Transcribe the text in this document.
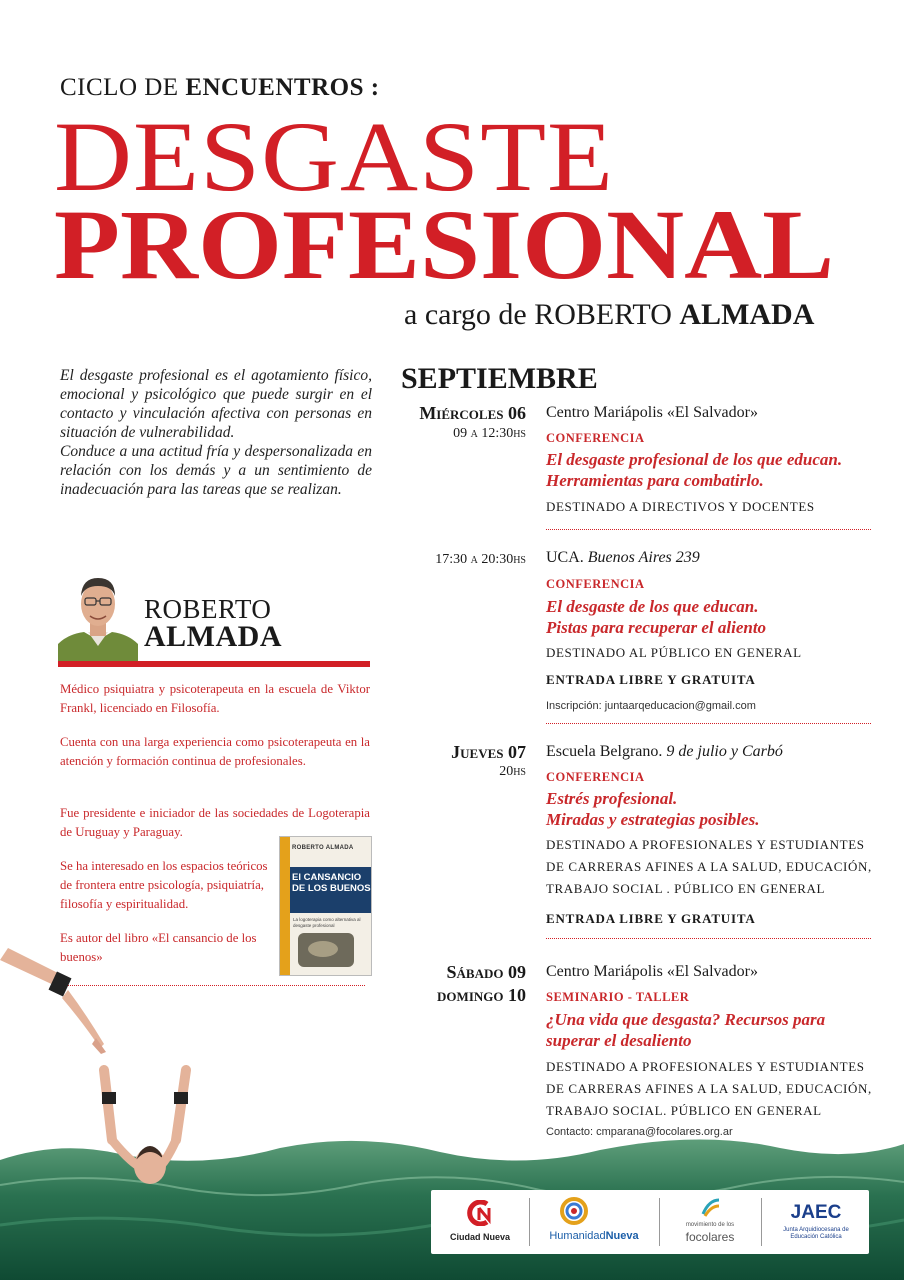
CICLO DE ENCUENTROS :
DESGASTE
PROFESIONAL
a cargo de ROBERTO ALMADA
El desgaste profesional es el agotamiento físico, emocional y psicológico que puede surgir en el contacto y vinculación afectiva con personas en situación de vulnerabilidad.
Conduce a una actitud fría y despersonalizada en relación con los demás y a un sentimiento de inadecuación para las tareas que se realizan.
ROBERTO
ALMADA
Médico psiquiatra y psicoterapeuta en la escuela de Viktor Frankl, licenciado en Filosofía.
Cuenta con una larga experiencia como psicoterapeuta en la atención y formación continua de profesionales.
Fue presidente e iniciador de las sociedades de Logoterapia de Uruguay y Paraguay.
Se ha interesado en los espacios teóricos de frontera entre psicología, psiquiatría, filosofía y espiritualidad.
Es autor del libro «El cansancio de los buenos»
ROBERTO ALMADA
El CANSANCIO
DE LOS BUENOS
La logoterapia como alternativa al desgaste profesional
SEPTIEMBRE
Miércoles 06
09 a 12:30hs
Centro Mariápolis «El Salvador»
CONFERENCIA
El desgaste profesional de los que educan.
Herramientas para combatirlo.
DESTINADO A DIRECTIVOS Y DOCENTES
17:30 a 20:30hs UCA. Buenos Aires 239
CONFERENCIA
El desgaste de los que educan.
Pistas para recuperar el aliento
DESTINADO AL PÚBLICO EN GENERAL
ENTRADA LIBRE Y GRATUITA
Inscripción: juntaarqeducacion@gmail.com
Jueves 07
20hs
Escuela Belgrano. 9 de julio y Carbó
CONFERENCIA
Estrés profesional.
Miradas y estrategias posibles.
DESTINADO A PROFESIONALES Y ESTUDIANTES
DE CARRERAS AFINES A LA SALUD, EDUCACIÓN,
TRABAJO SOCIAL . PÚBLICO EN GENERAL
ENTRADA LIBRE Y GRATUITA
Sábado 09
domingo 10
Centro Mariápolis «El Salvador»
SEMINARIO - TALLER
¿Una vida que desgasta? Recursos para
superar el desaliento
DESTINADO A PROFESIONALES Y ESTUDIANTES
DE CARRERAS AFINES A LA SALUD, EDUCACIÓN,
TRABAJO SOCIAL. PÚBLICO EN GENERAL
Contacto: cmparana@focolares.org.ar
Ciudad Nueva	HumanidadNueva
movimiento de los
focolares
JAEC
Junta Arquidiocesana de Educación Católica
